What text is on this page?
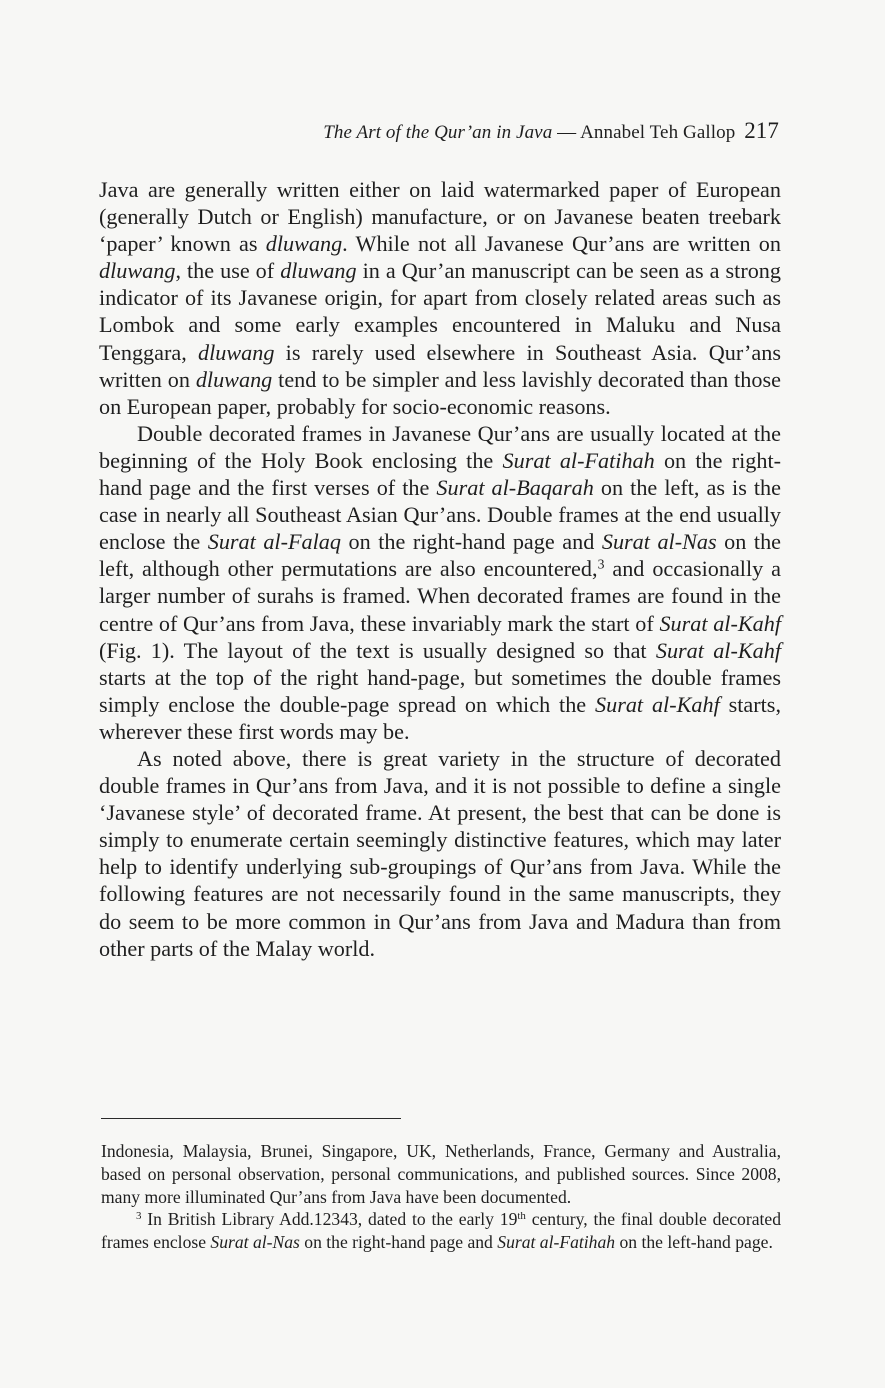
The Art of the Qur’an in Java — Annabel Teh Gallop 217

Java are generally written either on laid watermarked paper of European (generally Dutch or English) manufacture, or on Javanese beaten treebark ‘paper’ known as dluwang. While not all Javanese Qur’ans are written on dluwang, the use of dluwang in a Qur’an manuscript can be seen as a strong indicator of its Javanese origin, for apart from closely related areas such as Lombok and some early examples encountered in Maluku and Nusa Tenggara, dluwang is rarely used elsewhere in Southeast Asia. Qur’ans written on dluwang tend to be simpler and less lavishly decorated than those on European paper, probably for socio-economic reasons.

Double decorated frames in Javanese Qur’ans are usually located at the beginning of the Holy Book enclosing the Surat al-Fatihah on the right-hand page and the first verses of the Surat al-Baqarah on the left, as is the case in nearly all Southeast Asian Qur’ans. Double frames at the end usually enclose the Surat al-Falaq on the right-hand page and Surat al-Nas on the left, although other permutations are also encountered,$^3$ and occasionally a larger number of surahs is framed. When decorated frames are found in the centre of Qur’ans from Java, these invariably mark the start of Surat al-Kahf (Fig. 1). The layout of the text is usually designed so that Surat al-Kahf starts at the top of the right hand-page, but sometimes the double frames simply enclose the double-page spread on which the Surat al-Kahf starts, wherever these first words may be.

As noted above, there is great variety in the structure of decorated double frames in Qur’ans from Java, and it is not possible to define a single ‘Javanese style’ of decorated frame. At present, the best that can be done is simply to enumerate certain seemingly distinctive features, which may later help to identify underlying sub-groupings of Qur’ans from Java. While the following features are not necessarily found in the same manuscripts, they do seem to be more common in Qur’ans from Java and Madura than from other parts of the Malay world.

Indonesia, Malaysia, Brunei, Singapore, UK, Netherlands, France, Germany and Australia, based on personal observation, personal communications, and published sources. Since 2008, many more illuminated Qur’ans from Java have been documented.

$^3$ In British Library Add.12343, dated to the early 19th century, the final double decorated frames enclose Surat al-Nas on the right-hand page and Surat al-Fatihah on the left-hand page.
